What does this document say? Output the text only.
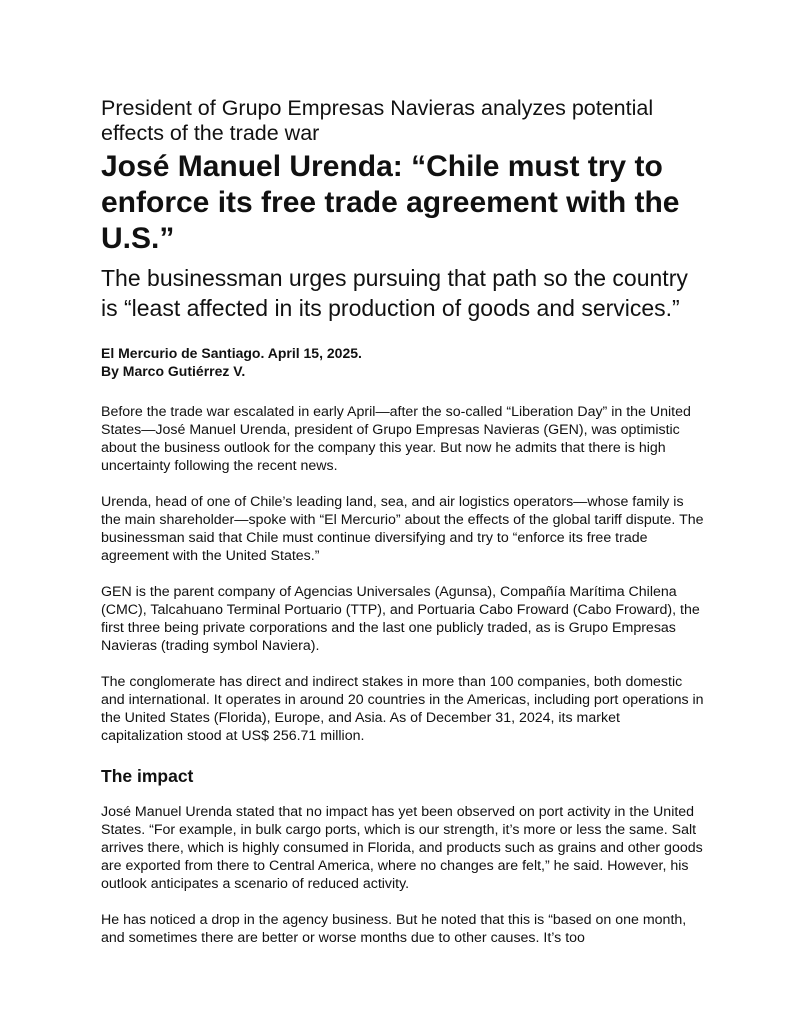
President of Grupo Empresas Navieras analyzes potential effects of the trade war
José Manuel Urenda: “Chile must try to enforce its free trade agreement with the U.S.”
The businessman urges pursuing that path so the country is “least affected in its production of goods and services.”
El Mercurio de Santiago. April 15, 2025.
By Marco Gutiérrez V.

Before the trade war escalated in early April—after the so-called “Liberation Day” in the United States—José Manuel Urenda, president of Grupo Empresas Navieras (GEN), was optimistic about the business outlook for the company this year. But now he admits that there is high uncertainty following the recent news.

Urenda, head of one of Chile’s leading land, sea, and air logistics operators—whose family is the main shareholder—spoke with “El Mercurio” about the effects of the global tariff dispute. The businessman said that Chile must continue diversifying and try to “enforce its free trade agreement with the United States.”

GEN is the parent company of Agencias Universales (Agunsa), Compañía Marítima Chilena (CMC), Talcahuano Terminal Portuario (TTP), and Portuaria Cabo Froward (Cabo Froward), the first three being private corporations and the last one publicly traded, as is Grupo Empresas Navieras (trading symbol Naviera).

The conglomerate has direct and indirect stakes in more than 100 companies, both domestic and international. It operates in around 20 countries in the Americas, including port operations in the United States (Florida), Europe, and Asia. As of December 31, 2024, its market capitalization stood at US$ 256.71 million.

The impact

José Manuel Urenda stated that no impact has yet been observed on port activity in the United States. “For example, in bulk cargo ports, which is our strength, it’s more or less the same. Salt arrives there, which is highly consumed in Florida, and products such as grains and other goods are exported from there to Central America, where no changes are felt,” he said. However, his outlook anticipates a scenario of reduced activity.

He has noticed a drop in the agency business. But he noted that this is “based on one month, and sometimes there are better or worse months due to other causes. It’s too
